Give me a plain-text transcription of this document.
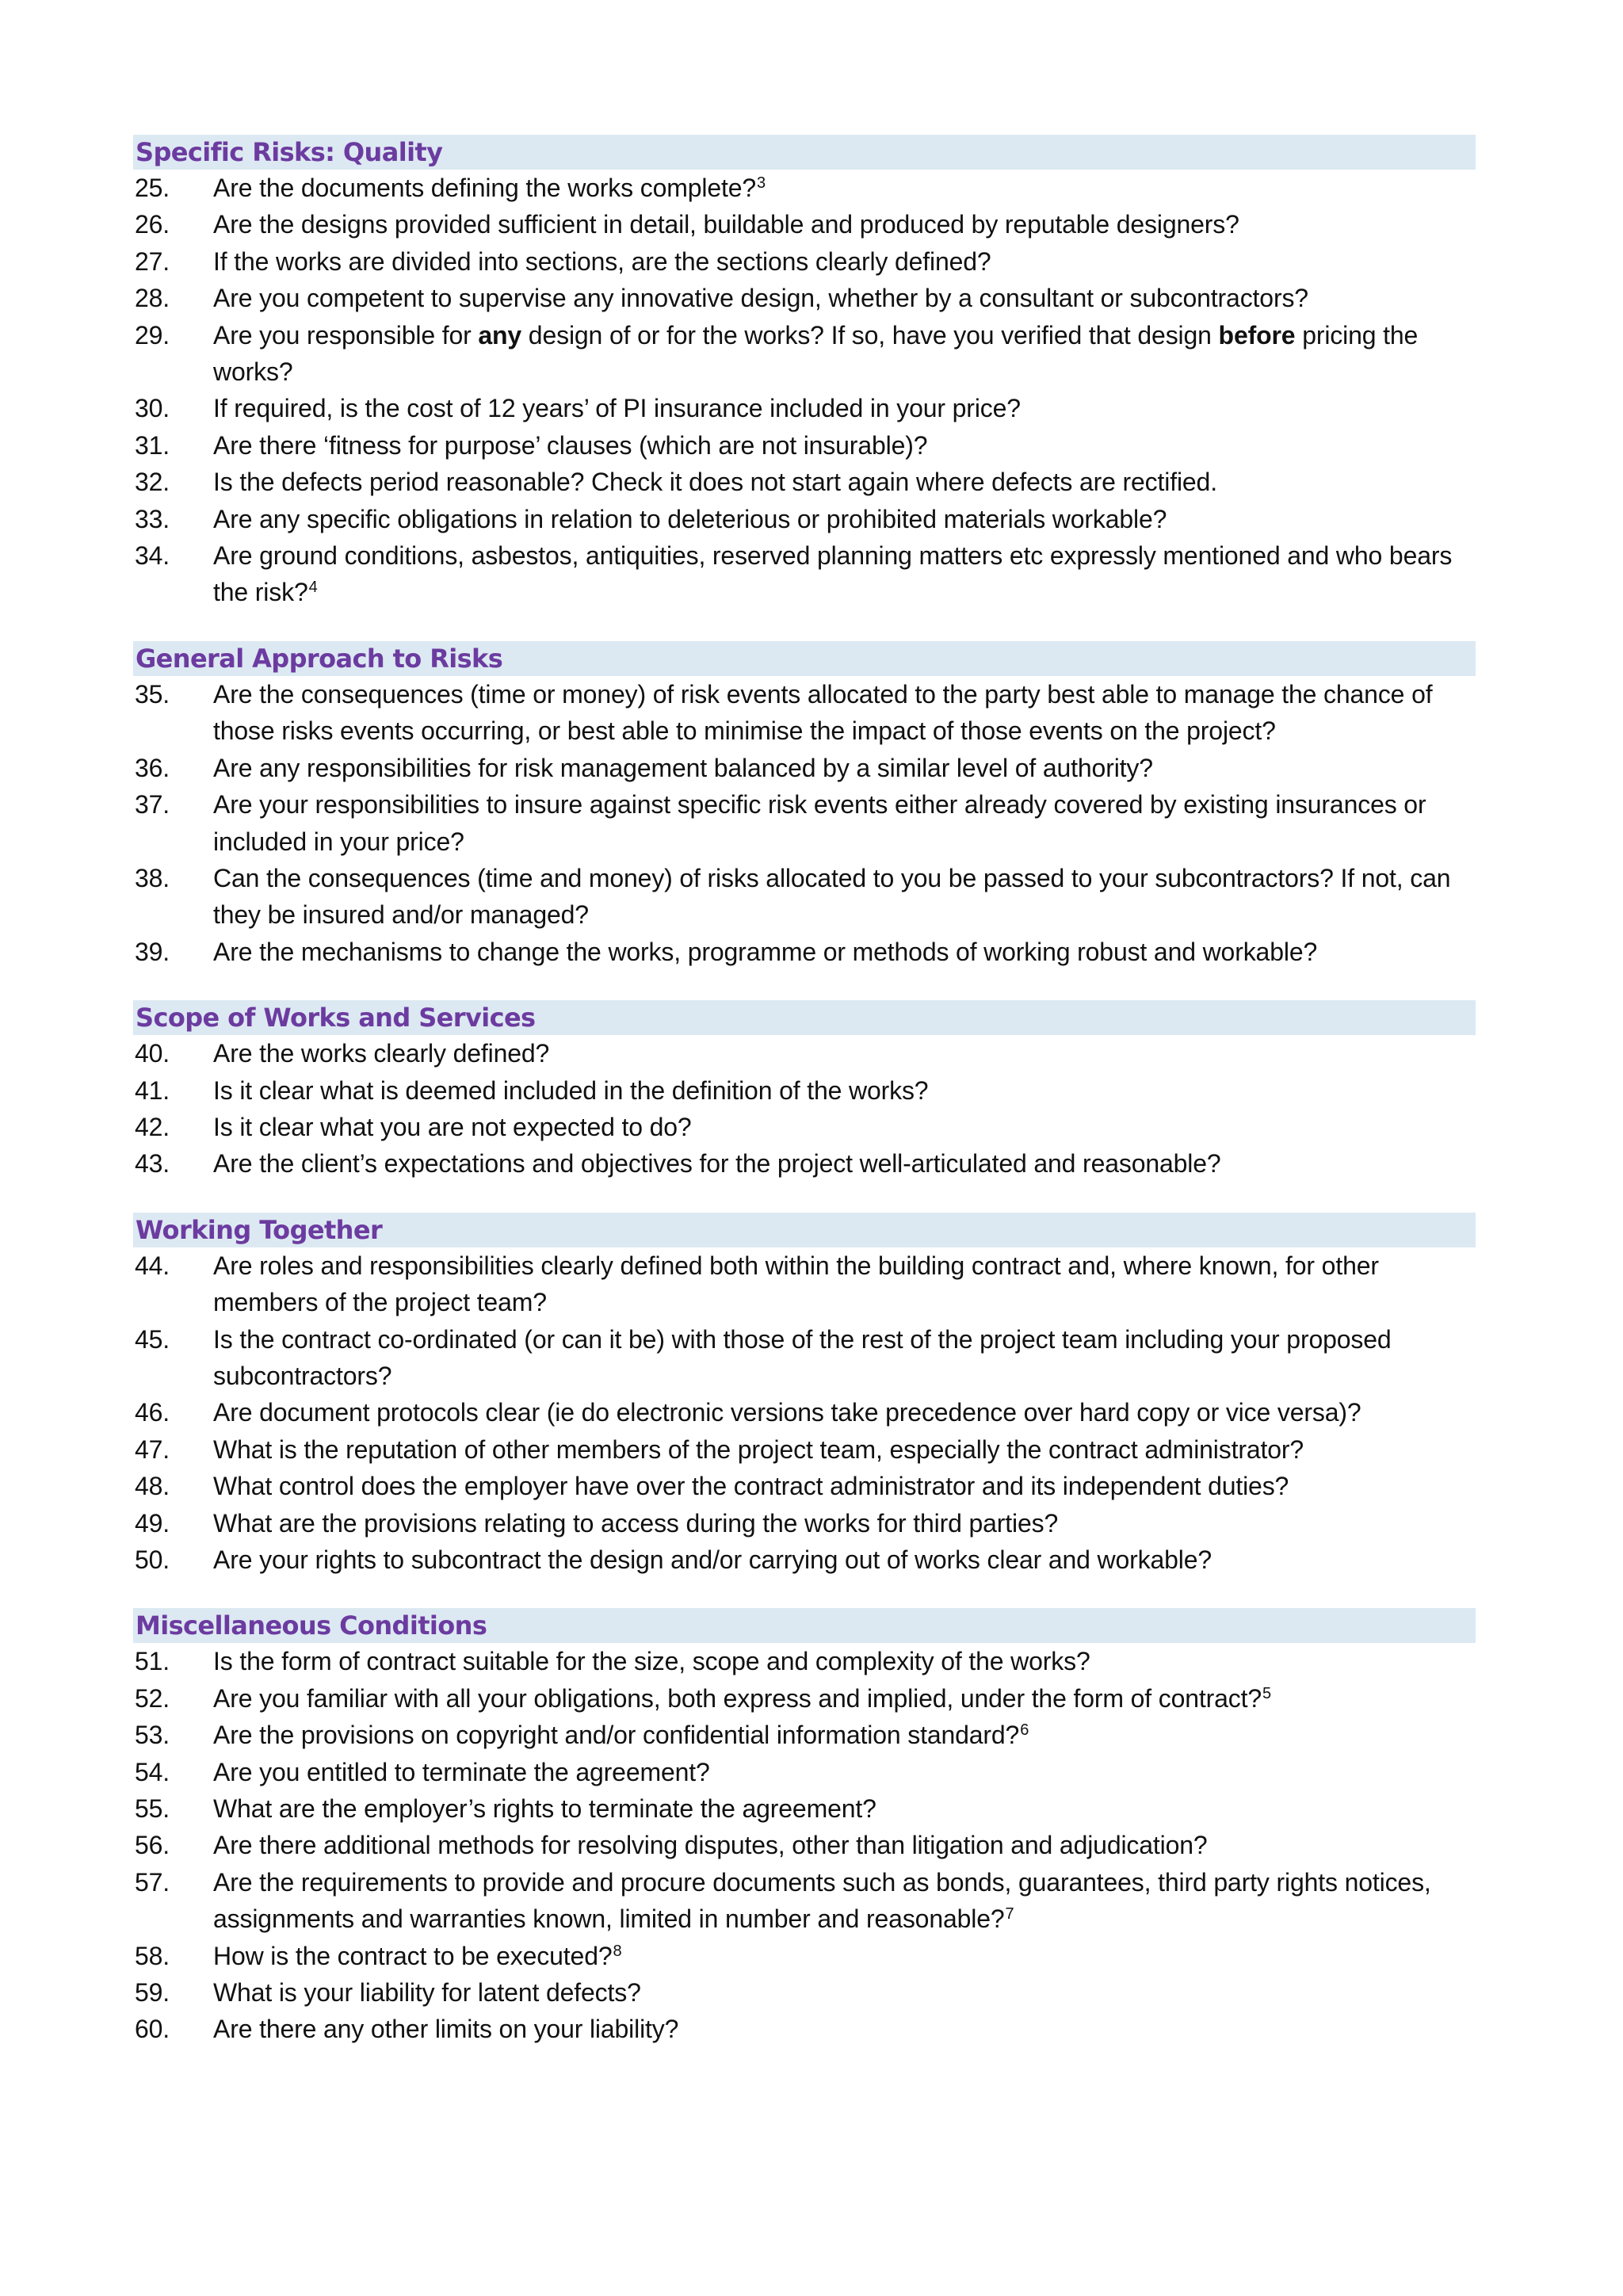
Specific Risks: Quality
25. Are the documents defining the works complete?$^3$
26. Are the designs provided sufficient in detail, buildable and produced by reputable designers?
27. If the works are divided into sections, are the sections clearly defined?
28. Are you competent to supervise any innovative design, whether by a consultant or subcontractors?
29. Are you responsible for any design of or for the works? If so, have you verified that design before pricing the works?
30. If required, is the cost of 12 years’ of PI insurance included in your price?
31. Are there ‘fitness for purpose’ clauses (which are not insurable)?
32. Is the defects period reasonable? Check it does not start again where defects are rectified.
33. Are any specific obligations in relation to deleterious or prohibited materials workable?
34. Are ground conditions, asbestos, antiquities, reserved planning matters etc expressly mentioned and who bears the risk?$^4$
General Approach to Risks
35. Are the consequences (time or money) of risk events allocated to the party best able to manage the chance of those risks events occurring, or best able to minimise the impact of those events on the project?
36. Are any responsibilities for risk management balanced by a similar level of authority?
37. Are your responsibilities to insure against specific risk events either already covered by existing insurances or included in your price?
38. Can the consequences (time and money) of risks allocated to you be passed to your subcontractors? If not, can they be insured and/or managed?
39. Are the mechanisms to change the works, programme or methods of working robust and workable?
Scope of Works and Services
40. Are the works clearly defined?
41. Is it clear what is deemed included in the definition of the works?
42. Is it clear what you are not expected to do?
43. Are the client’s expectations and objectives for the project well-articulated and reasonable?
Working Together
44. Are roles and responsibilities clearly defined both within the building contract and, where known, for other members of the project team?
45. Is the contract co-ordinated (or can it be) with those of the rest of the project team including your proposed subcontractors?
46. Are document protocols clear (ie do electronic versions take precedence over hard copy or vice versa)?
47. What is the reputation of other members of the project team, especially the contract administrator?
48. What control does the employer have over the contract administrator and its independent duties?
49. What are the provisions relating to access during the works for third parties?
50. Are your rights to subcontract the design and/or carrying out of works clear and workable?
Miscellaneous Conditions
51. Is the form of contract suitable for the size, scope and complexity of the works?
52. Are you familiar with all your obligations, both express and implied, under the form of contract?$^5$
53. Are the provisions on copyright and/or confidential information standard?$^6$
54. Are you entitled to terminate the agreement?
55. What are the employer’s rights to terminate the agreement?
56. Are there additional methods for resolving disputes, other than litigation and adjudication?
57. Are the requirements to provide and procure documents such as bonds, guarantees, third party rights notices, assignments and warranties known, limited in number and reasonable?$^7$
58. How is the contract to be executed?$^8$
59. What is your liability for latent defects?
60. Are there any other limits on your liability?
